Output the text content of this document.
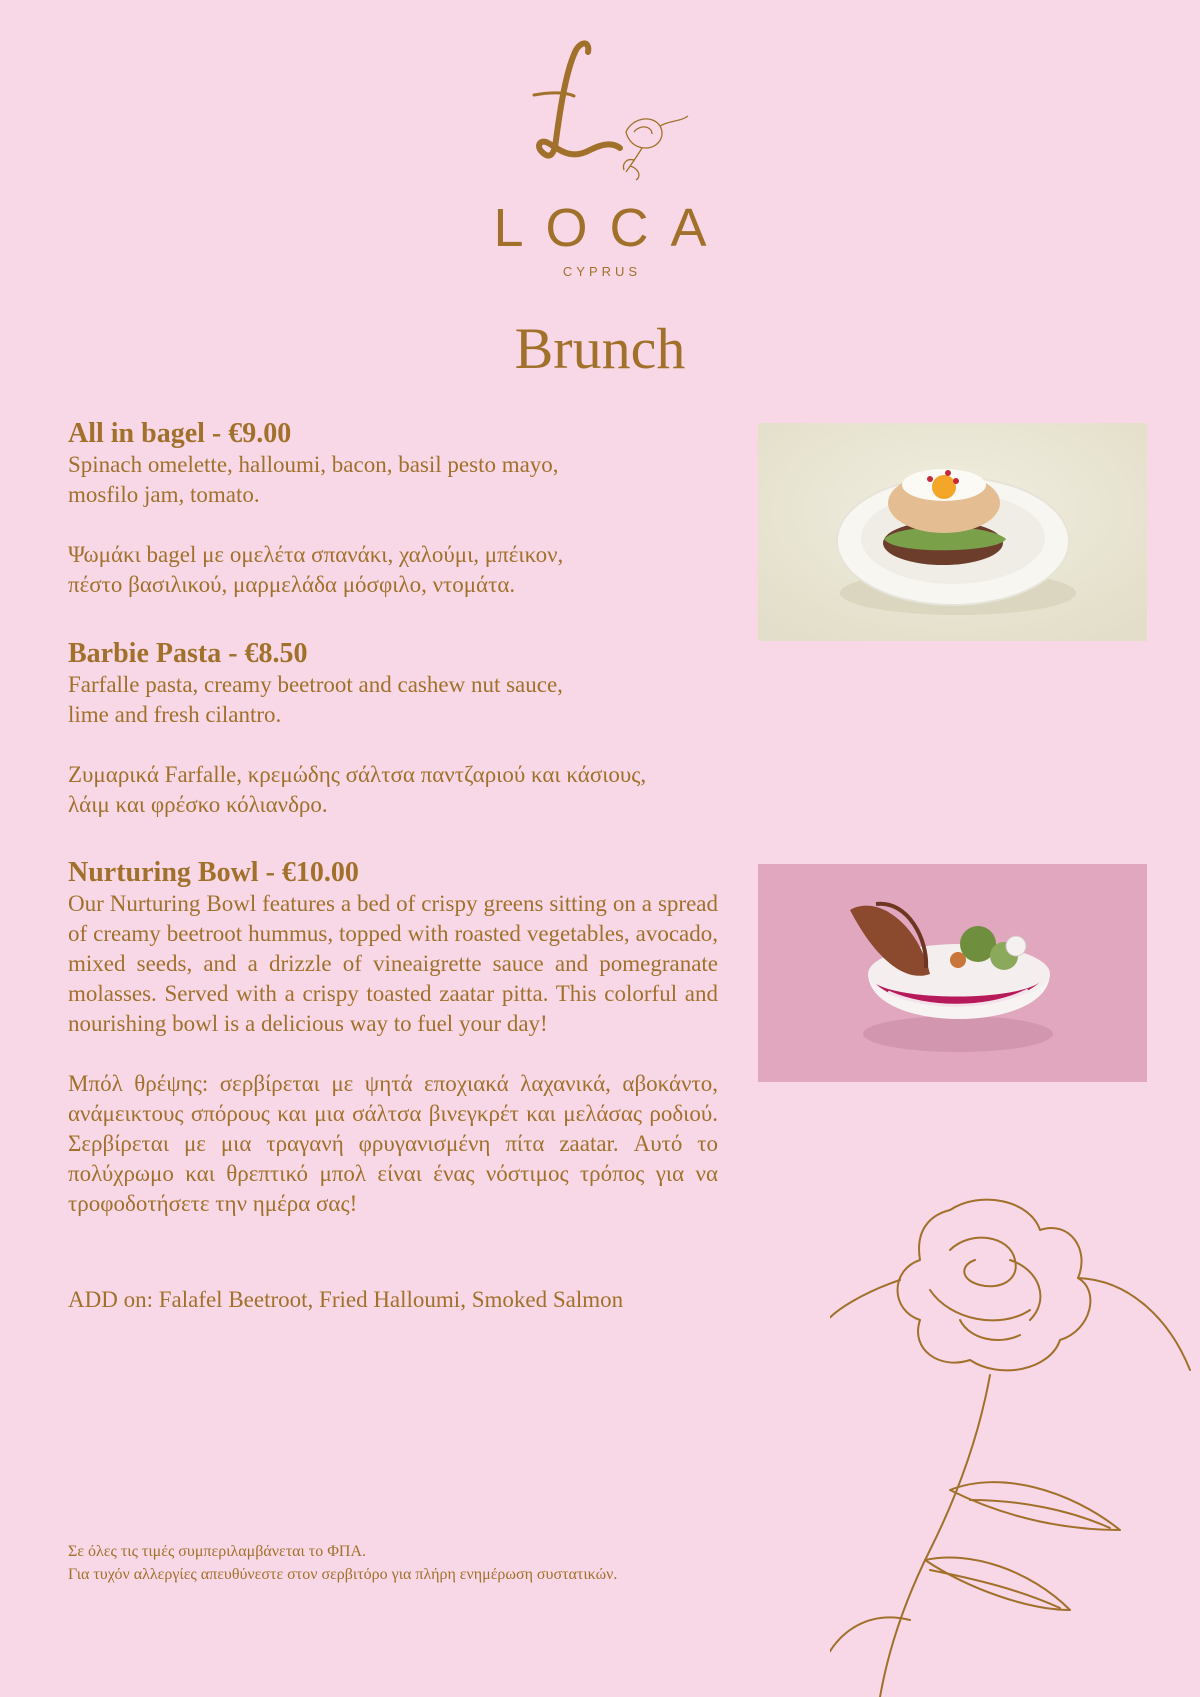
LOCA
CYPRUS
Brunch

All in bagel - €9.00

Spinach omelette, halloumi, bacon, basil pesto mayo,
mosfilo jam, tomato.

Ψωμάκι bagel με ομελέτα σπανάκι, χαλούμι, μπέικον,
πέστο βασιλικού, μαρμελάδα μόσφιλο, ντομάτα.

Barbie Pasta - €8.50

Farfalle pasta, creamy beetroot and cashew nut sauce,
lime and fresh cilantro.

Ζυμαρικά Farfalle, κρεμώδης σάλτσα παντζαριού και κάσιους,
λάιμ και φρέσκο κόλιανδρο.

Nurturing Bowl - €10.00

Our Nurturing Bowl features a bed of crispy greens sitting on a spread of creamy beetroot hummus, topped with roasted vegetables, avocado, mixed seeds, and a drizzle of vineaigrette sauce and pomegranate molasses. Served with a crispy toasted zaatar pitta. This colorful and nourishing bowl is a delicious way to fuel your day!

Μπόλ θρέψης: σερβίρεται με ψητά εποχιακά λαχανικά, αβοκάντο, ανάμεικτους σπόρους και μια σάλτσα βινεγκρέτ και μελάσας ροδιού. Σερβίρεται με μια τραγανή φρυγανισμένη πίτα zaatar. Αυτό το πολύχρωμο και θρεπτικό μπολ είναι ένας νόστιμος τρόπος για να τροφοδοτήσετε την ημέρα σας!

ADD on: Falafel Beetroot, Fried Halloumi, Smoked Salmon
Σε όλες τις τιμές συμπεριλαμβάνεται το ΦΠΑ.
Για τυχόν αλλεργίες απευθύνεστε στον σερβιτόρο για πλήρη ενημέρωση συστατικών.
